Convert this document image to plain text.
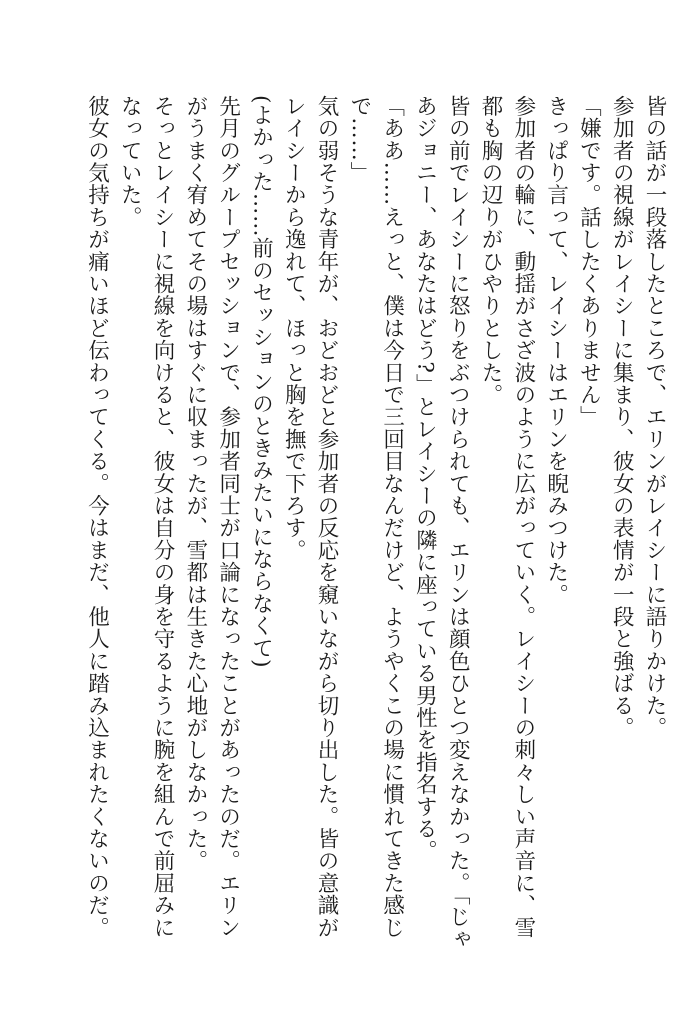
皆の話が一段落したところで、エリンがレイシーに語りかけた。

参加者の視線がレイシーに集まり、彼女の表情が一段と強ばる。

「嫌です。話したくありません」

きっぱり言って、レイシーはエリンを睨みつけた。

参加者の輪に、動揺がさざ波のように広がっていく。レイシーの刺々しい声音に、雪都も胸の辺りがひやりとした。

皆の前でレイシーに怒りをぶつけられても、エリンは顔色ひとつ変えなかった。「じゃあジョニー、あなたはどう?」とレイシーの隣に座っている男性を指名する。

「ああ……えっと、僕は今日で三回目なんだけど、ようやくこの場に慣れてきた感じで……」

気の弱そうな青年が、おどおどと参加者の反応を窺いながら切り出した。皆の意識がレイシーから逸れて、ほっと胸を撫で下ろす。

(よかった……前のセッションのときみたいにならなくて)

先月のグループセッションで、参加者同士が口論になったことがあったのだ。エリンがうまく宥めてその場はすぐに収まったが、雪都は生きた心地がしなかった。

そっとレイシーに視線を向けると、彼女は自分の身を守るように腕を組んで前屈みになっていた。

彼女の気持ちが痛いほど伝わってくる。今はまだ、他人に踏み込まれたくないのだ。
